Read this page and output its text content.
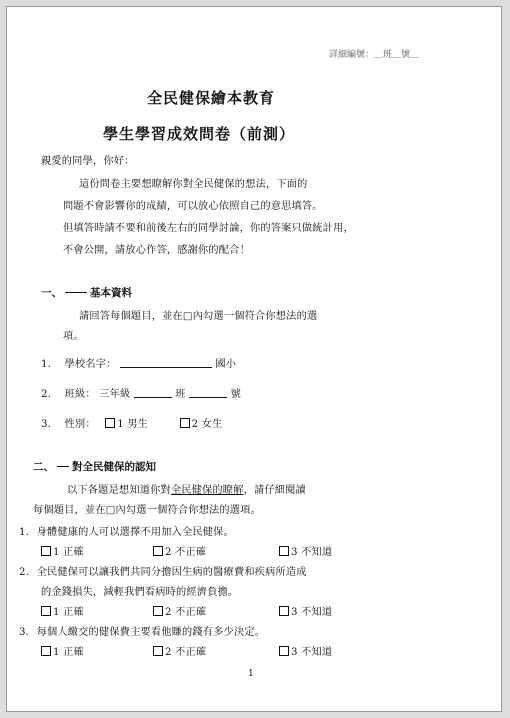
詳細編號：＿班＿號＿
全民健保繪本教育
學生學習成效問卷（前測）
親愛的同學，你好：
這份問卷主要想瞭解你對全民健保的想法，下面的
問題不會影響你的成績，可以放心依照自己的意思填答。
但填答時請不要和前後左右的同學討論，你的答案只做統計用，
不會公開，請放心作答，感謝你的配合！
一、	基本資料
請回答每個題目，並在□內勾選一個符合你想法的選
項。
1. 學校名字：	國小
2. 班級： 三年級	班	號
3. 性別： 1 男生	2 女生
二、 對全民健保的認知
以下各題是想知道你對全民健保的瞭解，請仔細閱讀
每個題目，並在□內勾選一個符合你想法的選項。
1. 身體健康的人可以選擇不用加入全民健保。
1 正確	2 不正確	3 不知道
2. 全民健保可以讓我們共同分擔因生病的醫療費和疾病所造成
的金錢損失，減輕我們看病時的經濟負擔。
1 正確	2 不正確	3 不知道
3. 每個人繳交的健保費主要看他賺的錢有多少決定。
1 正確	2 不正確	3 不知道
1
